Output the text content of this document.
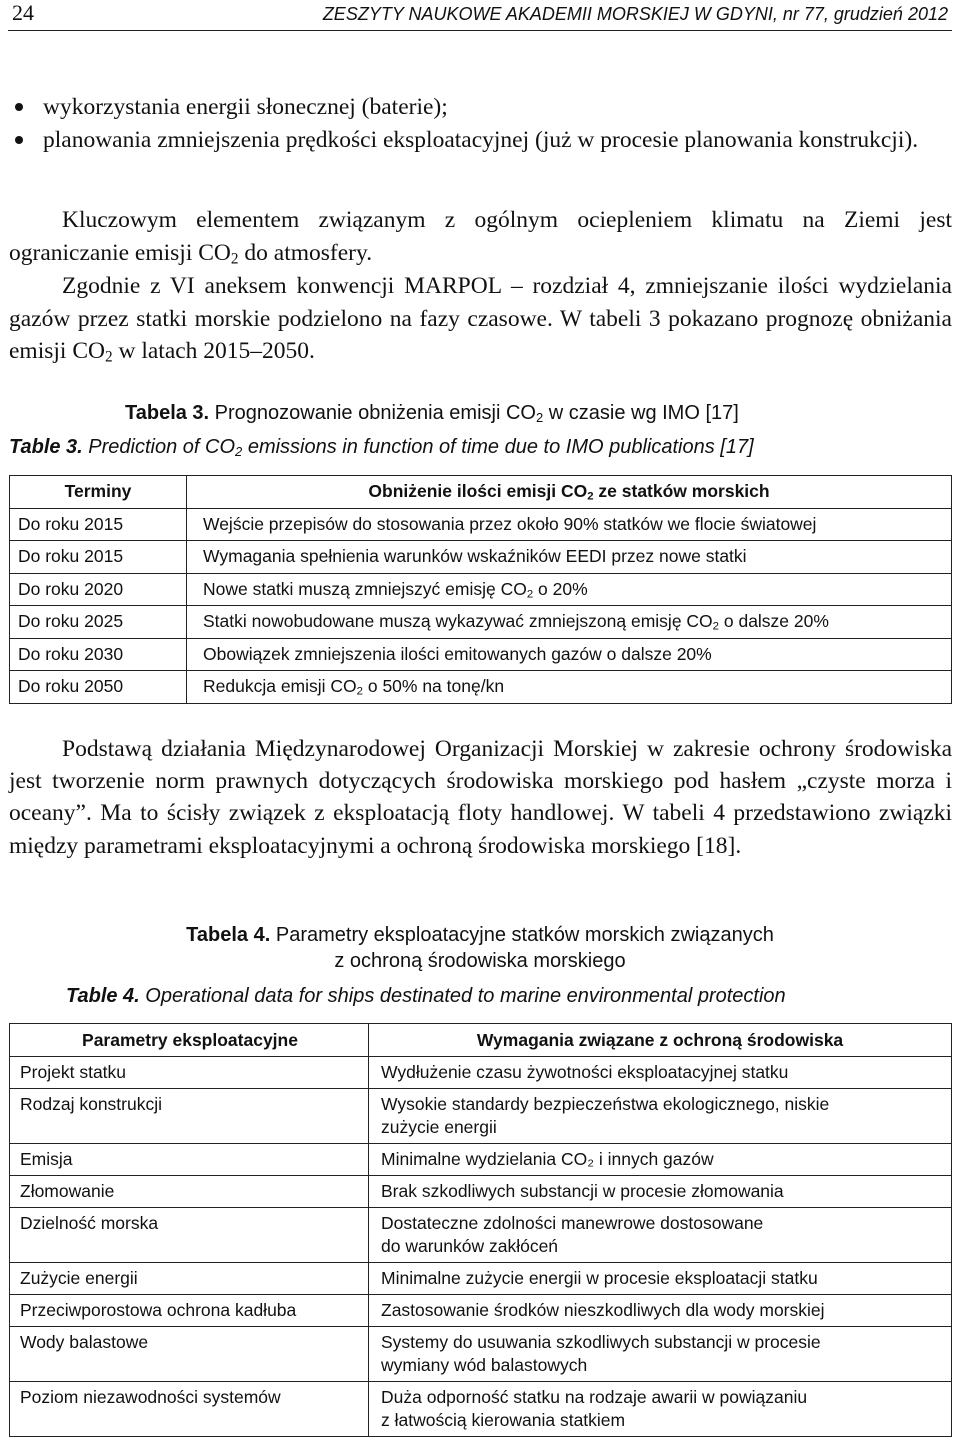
24	ZESZYTY NAUKOWE AKADEMII MORSKIEJ W GDYNI, nr 77, grudzień 2012
wykorzystania energii słonecznej (baterie);
planowania zmniejszenia prędkości eksploatacyjnej (już w procesie planowania konstrukcji).

Kluczowym elementem związanym z ogólnym ociepleniem klimatu na Ziemi jest ograniczanie emisji $CO_2$ do atmosfery.

Zgodnie z VI aneksem konwencji MARPOL – rozdział 4, zmniejszanie ilości wydzielania gazów przez statki morskie podzielono na fazy czasowe. W tabeli 3 pokazano prognozę obniżania emisji $CO_2$ w latach 2015–2050.

Tabela 3. Prognozowanie obniżenia emisji $CO_2$ w czasie wg IMO [17]
Table 3. Prediction of $CO_2$ emissions in function of time due to IMO publications [17]
Terminy	Obniżenie ilości emisji $CO_2$ ze statków morskich
Do roku 2015	Wejście przepisów do stosowania przez około 90% statków we flocie światowej
Do roku 2015	Wymagania spełnienia warunków wskaźników EEDI przez nowe statki
Do roku 2020	Nowe statki muszą zmniejszyć emisję $CO_2$ o 20%
Do roku 2025	Statki nowobudowane muszą wykazywać zmniejszoną emisję $CO_2$ o dalsze 20%
Do roku 2030	Obowiązek zmniejszenia ilości emitowanych gazów o dalsze 20%
Do roku 2050	Redukcja emisji $CO_2$ o 50% na tonę/kn

Podstawą działania Międzynarodowej Organizacji Morskiej w zakresie ochrony środowiska jest tworzenie norm prawnych dotyczących środowiska morskiego pod hasłem „czyste morza i oceany”. Ma to ścisły związek z eksploatacją floty handlowej. W tabeli 4 przedstawiono związki między parametrami eksploatacyjnymi a ochroną środowiska morskiego [18].

Tabela 4. Parametry eksploatacyjne statków morskich związanych
z ochroną środowiska morskiego
Table 4. Operational data for ships destinated to marine environmental protection
Parametry eksploatacyjne	Wymagania związane z ochroną środowiska
Projekt statku	Wydłużenie czasu żywotności eksploatacyjnej statku

Rodzaj konstrukcji	Wysokie standardy bezpieczeństwa ekologicznego, niskie
zużycie energii

Emisja	Minimalne wydzielania CO₂ i innych gazów

Złomowanie	Brak szkodliwych substancji w procesie złomowania

Dzielność morska	Dostateczne zdolności manewrowe dostosowane
do warunków zakłóceń

Zużycie energii	Minimalne zużycie energii w procesie eksploatacji statku

Przeciwporostowa ochrona kadłuba	Zastosowanie środków nieszkodliwych dla wody morskiej

Wody balastowe	Systemy do usuwania szkodliwych substancji w procesie
wymiany wód balastowych

Poziom niezawodności systemów	Duża odporność statku na rodzaje awarii w powiązaniu
z łatwością kierowania statkiem
